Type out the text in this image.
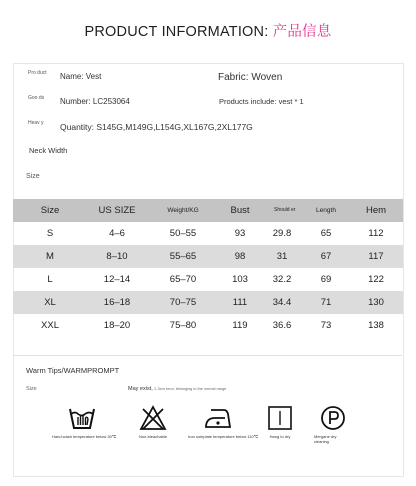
PRODUCT INFORMATION: 产品信息
Pro duct Name: Vest	Fabric: Woven
Goo ds	Number: LC253064	Products include: vest * 1
Heav y	Quantity: S145G,M149G,L154G,XL167G,2XL177G
Neck Width
Size
Size	US SIZE	Weight/KG	Bust	Should er	Length	Hem
S	4–6	50–55	93	29.8	65	112
M	8–10	55–65	98	31	67	117
L	12–14	65–70	103	32.2	69	122
XL	16–18	70–75	111	34.4	71	130
XXL	18–20	75–80	119	36.6	73	138
Warm Tips/WARMPROMPT
Size	May exist, 2-3cm error, belonging to the normal range
Hand wash temperature below 30℃	Non-bleachable	Iron soleplate temperature below 110℃	Hang to dry	Mergane dry cleaning
